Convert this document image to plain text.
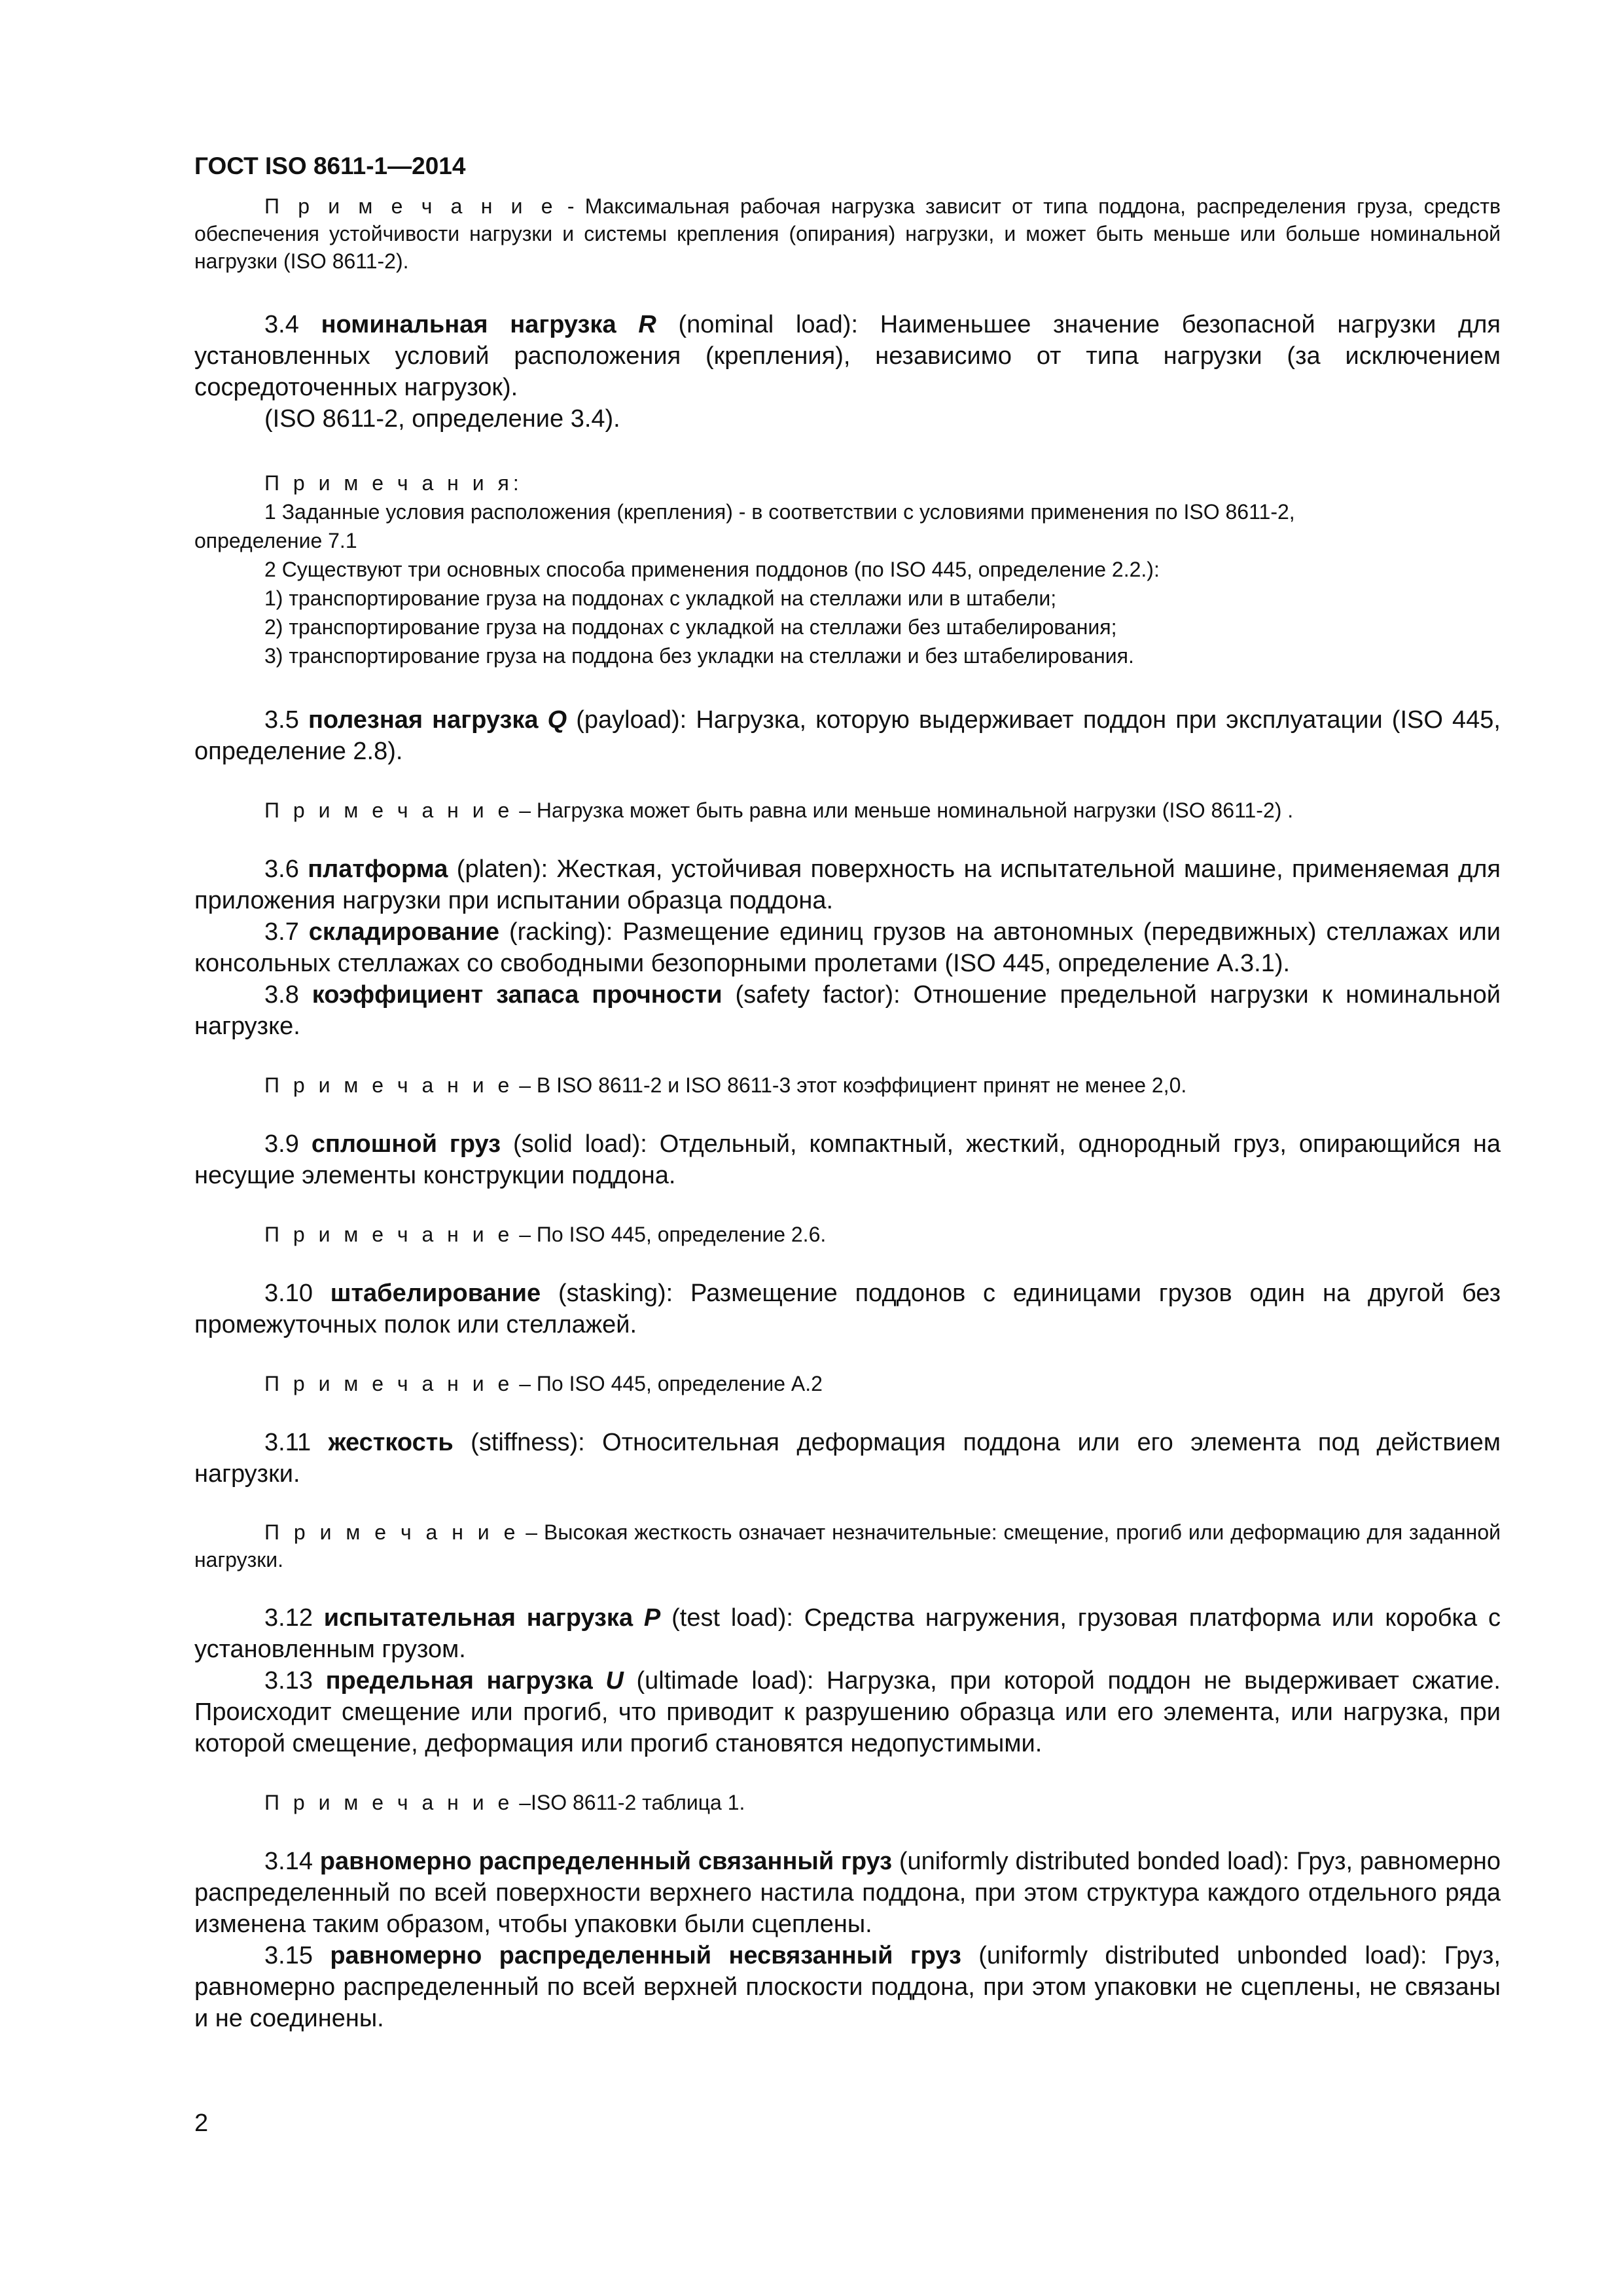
ГОСТ ISO 8611-1—2014

П р и м е ч а н и е - Максимальная рабочая нагрузка зависит от типа поддона, распределения груза, средств обеспечения устойчивости нагрузки и системы крепления (опирания) нагрузки, и может быть меньше или больше номинальной нагрузки (ISO 8611-2).

3.4 номинальная нагрузка R (nominal load): Наименьшее значение безопасной нагрузки для установленных условий расположения (крепления), независимо от типа нагрузки (за исключением сосредоточенных нагрузок).

(ISO 8611-2, определение 3.4).

П р и м е ч а н и я:

1 Заданные условия расположения (крепления) - в соответствии с условиями применения по ISO 8611-2,

определение 7.1

2 Существуют три основных способа применения поддонов (по ISO 445, определение 2.2.):

1) транспортирование груза на поддонах с укладкой на стеллажи или в штабели;

2) транспортирование груза на поддонах с укладкой на стеллажи без штабелирования;

3) транспортирование груза на поддона без укладки на стеллажи и без штабелирования.

3.5 полезная нагрузка Q (payload): Нагрузка, которую выдерживает поддон при эксплуатации (ISO 445, определение 2.8).

П р и м е ч а н и е – Нагрузка может быть равна или меньше номинальной нагрузки (ISO 8611-2) .

3.6 платформа (platen): Жесткая, устойчивая поверхность на испытательной машине, применяемая для приложения нагрузки при испытании образца поддона.

3.7 складирование (racking): Размещение единиц грузов на автономных (передвижных) стеллажах или консольных стеллажах со свободными безопорными пролетами (ISO 445, определение А.3.1).

3.8 коэффициент запаса прочности (safety factor): Отношение предельной нагрузки к номинальной нагрузке.

П р и м е ч а н и е – В ISO 8611-2 и ISO 8611-3 этот коэффициент принят не менее 2,0.

3.9 сплошной груз (solid load): Отдельный, компактный, жесткий, однородный груз, опирающийся на несущие элементы конструкции поддона.

П р и м е ч а н и е – По ISO 445, определение 2.6.

3.10 штабелирование (stasking): Размещение поддонов с единицами грузов один на другой без промежуточных полок или стеллажей.

П р и м е ч а н и е – По ISO 445, определение А.2

3.11 жесткость (stiffness): Относительная деформация поддона или его элемента под действием нагрузки.

П р и м е ч а н и е – Высокая жесткость означает незначительные: смещение, прогиб или деформацию для заданной нагрузки.

3.12 испытательная нагрузка P (test load): Средства нагружения, грузовая платформа или коробка с установленным грузом.

3.13 предельная нагрузка U (ultimade load): Нагрузка, при которой поддон не выдерживает сжатие. Происходит смещение или прогиб, что приводит к разрушению образца или его элемента, или нагрузка, при которой смещение, деформация или прогиб становятся недопустимыми.

П р и м е ч а н и е –ISO 8611-2 таблица 1.

3.14 равномерно распределенный связанный груз (uniformly distributed bonded load): Груз, равномерно распределенный по всей поверхности верхнего настила поддона, при этом структура каждого отдельного ряда изменена таким образом, чтобы упаковки были сцеплены.

3.15 равномерно распределенный несвязанный груз (uniformly distributed unbonded load): Груз, равномерно распределенный по всей верхней плоскости поддона, при этом упаковки не сцеплены, не связаны и не соединены.

2
